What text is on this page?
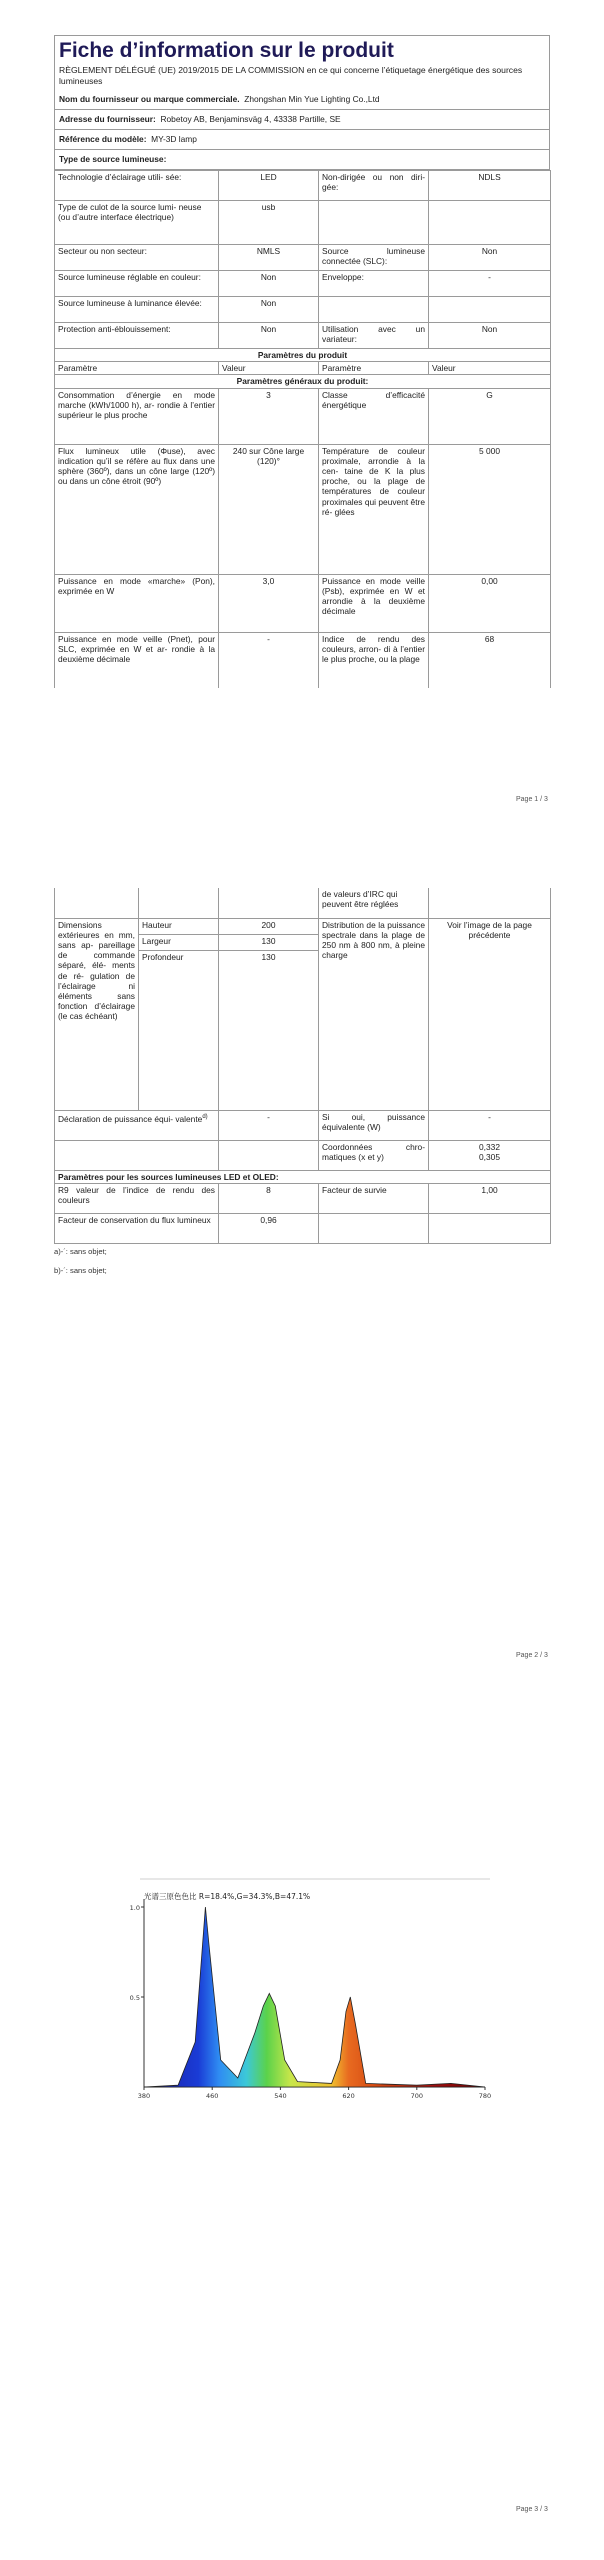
Fiche d’information sur le produit
RÈGLEMENT DÉLÉGUÉ (UE) 2019/2015 DE LA COMMISSION en ce qui concerne l’étiquetage énergétique des sources lumineuses
Nom du fournisseur ou marque commerciale. Zhongshan Min Yue Lighting Co.,Ltd
Adresse du fournisseur: Robetoy AB, Benjaminsväg 4, 43338 Partille, SE
Référence du modèle: MY-3D lamp
Type de source lumineuse:
Technologie d’éclairage utili- sée:	LED	Non-dirigée ou non diri- gée:	NDLS
Type de culot de la source lumi- neuse (ou d’autre interface électrique)	usb		
Secteur ou non secteur:	NMLS	Source lumineuse connectée (SLC):	Non
Source lumineuse réglable en couleur:	Non	Enveloppe:	-
Source lumineuse à luminance élevée:	Non		
Protection anti-éblouissement:	Non	Utilisation avec un variateur:	Non
Paramètres du produit			
Paramètre	Valeur	Paramètre	Valeur
Paramètres généraux du produit:			
Consommation d’énergie en mode marche (kWh/1000 h), ar- rondie à l’entier supérieur le plus proche	3	Classe d’efficacité énergétique	G
Flux lumineux utile (Φuse), avec indication qu’il se réfère au flux dans une sphère (360º), dans un cône large (120º) ou dans un cône étroit (90º)	240 sur Cône large (120)°	Température de couleur proximale, arrondie à la cen- taine de K la plus proche, ou la plage de températures de couleur proximales qui peuvent être ré- glées	5 000
Puissance en mode «marche» (Pon), exprimée en W	3,0	Puissance en mode veille (Psb), exprimée en W et arrondie à la deuxième décimale	0,00
Puissance en mode veille (Pnet), pour SLC, exprimée en W et ar- rondie à la deuxième décimale	-	Indice de rendu des couleurs, arron- di à l’entier le plus proche, ou la plage	68
Page 1 / 3
			de valeurs d’IRC qui peuvent être réglées	
Dimensions extérieures en mm, sans ap- pareillage de commande séparé, élé- ments de ré- gulation de l’éclairage ni éléments sans fonction d’éclairage (le cas échéant)	Hauteur	200	Distribution de la puissance spectrale dans la plage de 250 nm à 800 nm, à pleine charge	Voir l’image de la page précédente
	Largeur	130		
	Profondeur	130		
Déclaration de puissance équi- valente$^{d)}$		-	Si oui, puissance équivalente (W)	-
			Coordonnées chro- matiques (x et y)	0,332
0,305

Paramètres pour les sources lumineuses LED et OLED:				
R9 valeur de l’indice de rendu des couleurs		8	Facteur de survie	1,00
Facteur de conservation du flux lumineux		0,96		
a)-´: sans objet;
b)-´: sans objet;
Page 2 / 3
光谱三原色色比 R=18.4%,G=34.3%,B=47.1%
0.5
1.0
380	460	540	620	700	780
Page 3 / 3
